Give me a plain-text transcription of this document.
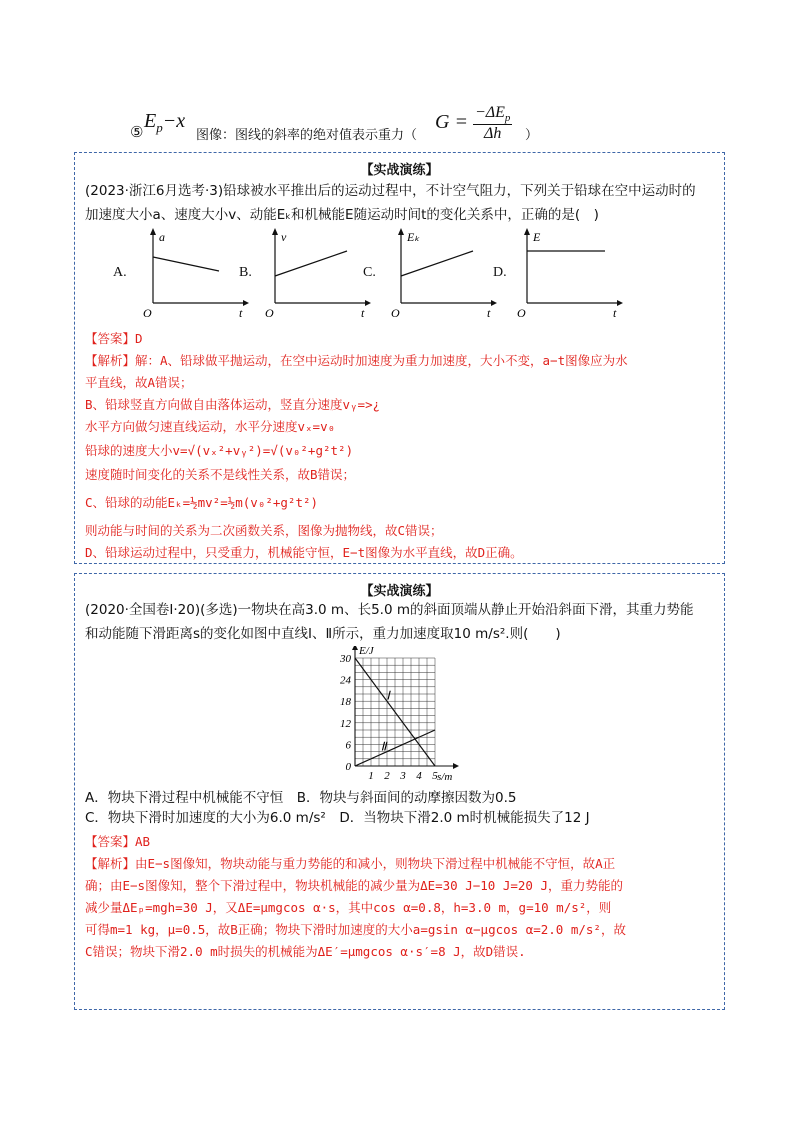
⑤ $E_p-x$
图像：图线的斜率的绝对值表示重力（
$G = \frac{-\Delta E_p}{\Delta h}$ ）
【实战演练】
(2023·浙江6月选考·3)铅球被水平推出后的运动过程中，不计空气阻力，下列关于铅球在空中运动时的
加速度大小a、速度大小v、动能Eₖ和机械能E随运动时间t的变化关系中，正确的是(　)
A.
a
t
O
B.
v
t
O
C.
Eₖ
t
O
D.
E
t
O
【答案】D
【解析】解：A、铅球做平抛运动，在空中运动时加速度为重力加速度，大小不变，a−t图像应为水
平直线，故A错误；
B、铅球竖直方向做自由落体运动，竖直分速度vᵧ=>¿
水平方向做匀速直线运动，水平分速度vₓ=v₀
铅球的速度大小v=√(vₓ²+vᵧ²)=√(v₀²+g²t²)
速度随时间变化的关系不是线性关系，故B错误；
C、铅球的动能Eₖ=½mv²=½m(v₀²+g²t²)
则动能与时间的关系为二次函数关系，图像为抛物线，故C错误；
D、铅球运动过程中，只受重力，机械能守恒，E−t图像为水平直线，故D正确。
【实战演练】
(2020·全国卷Ⅰ·20)(多选)一物块在高3.0 m、长5.0 m的斜面顶端从静止开始沿斜面下滑，其重力势能
和动能随下滑距离s的变化如图中直线Ⅰ、Ⅱ所示，重力加速度取10 m/s².则(　　)
30
24
18
12
6
0
1 2 3 4 5
E/J
s/m
Ⅰ
Ⅱ
A．物块下滑过程中机械能不守恒　B．物块与斜面间的动摩擦因数为0.5
C．物块下滑时加速度的大小为6.0 m/s²　D．当物块下滑2.0 m时机械能损失了12 J
【答案】AB
【解析】由E−s图像知，物块动能与重力势能的和减小，则物块下滑过程中机械能不守恒，故A正
确；由E−s图像知，整个下滑过程中，物块机械能的减少量为ΔE=30 J−10 J=20 J，重力势能的
减少量ΔEₚ=mgh=30 J，又ΔE=μmgcos α·s，其中cos α=0.8，h=3.0 m，g=10 m/s²，则
可得m=1 kg，μ=0.5，故B正确；物块下滑时加速度的大小a=gsin α−μgcos α=2.0 m/s²，故
C错误；物块下滑2.0 m时损失的机械能为ΔE′=μmgcos α·s′=8 J，故D错误.
